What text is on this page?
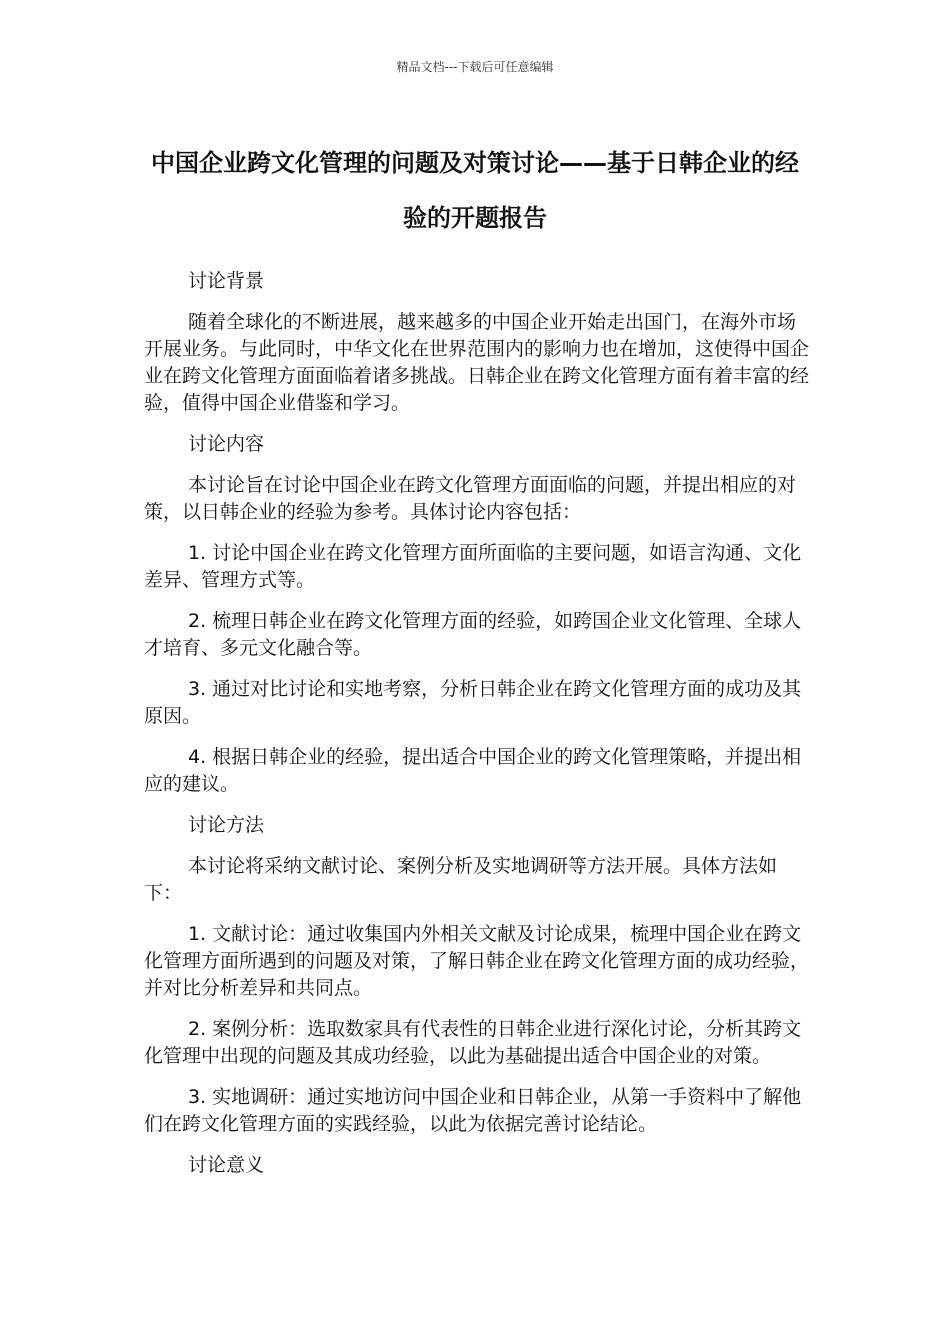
精品文档---下载后可任意编辑
中国企业跨文化管理的问题及对策讨论——基于日韩企业的经验的开题报告

讨论背景

随着全球化的不断进展，越来越多的中国企业开始走出国门，在海外市场开展业务。与此同时，中华文化在世界范围内的影响力也在增加，这使得中国企业在跨文化管理方面面临着诸多挑战。日韩企业在跨文化管理方面有着丰富的经验，值得中国企业借鉴和学习。

讨论内容

本讨论旨在讨论中国企业在跨文化管理方面面临的问题，并提出相应的对策，以日韩企业的经验为参考。具体讨论内容包括：

1. 讨论中国企业在跨文化管理方面所面临的主要问题，如语言沟通、文化差异、管理方式等。

2. 梳理日韩企业在跨文化管理方面的经验，如跨国企业文化管理、全球人才培育、多元文化融合等。

3. 通过对比讨论和实地考察，分析日韩企业在跨文化管理方面的成功及其原因。

4. 根据日韩企业的经验，提出适合中国企业的跨文化管理策略，并提出相应的建议。

讨论方法

本讨论将采纳文献讨论、案例分析及实地调研等方法开展。具体方法如下：

1. 文献讨论：通过收集国内外相关文献及讨论成果，梳理中国企业在跨文化管理方面所遇到的问题及对策，了解日韩企业在跨文化管理方面的成功经验，并对比分析差异和共同点。

2. 案例分析：选取数家具有代表性的日韩企业进行深化讨论，分析其跨文化管理中出现的问题及其成功经验，以此为基础提出适合中国企业的对策。

3. 实地调研：通过实地访问中国企业和日韩企业，从第一手资料中了解他们在跨文化管理方面的实践经验，以此为依据完善讨论结论。

讨论意义
